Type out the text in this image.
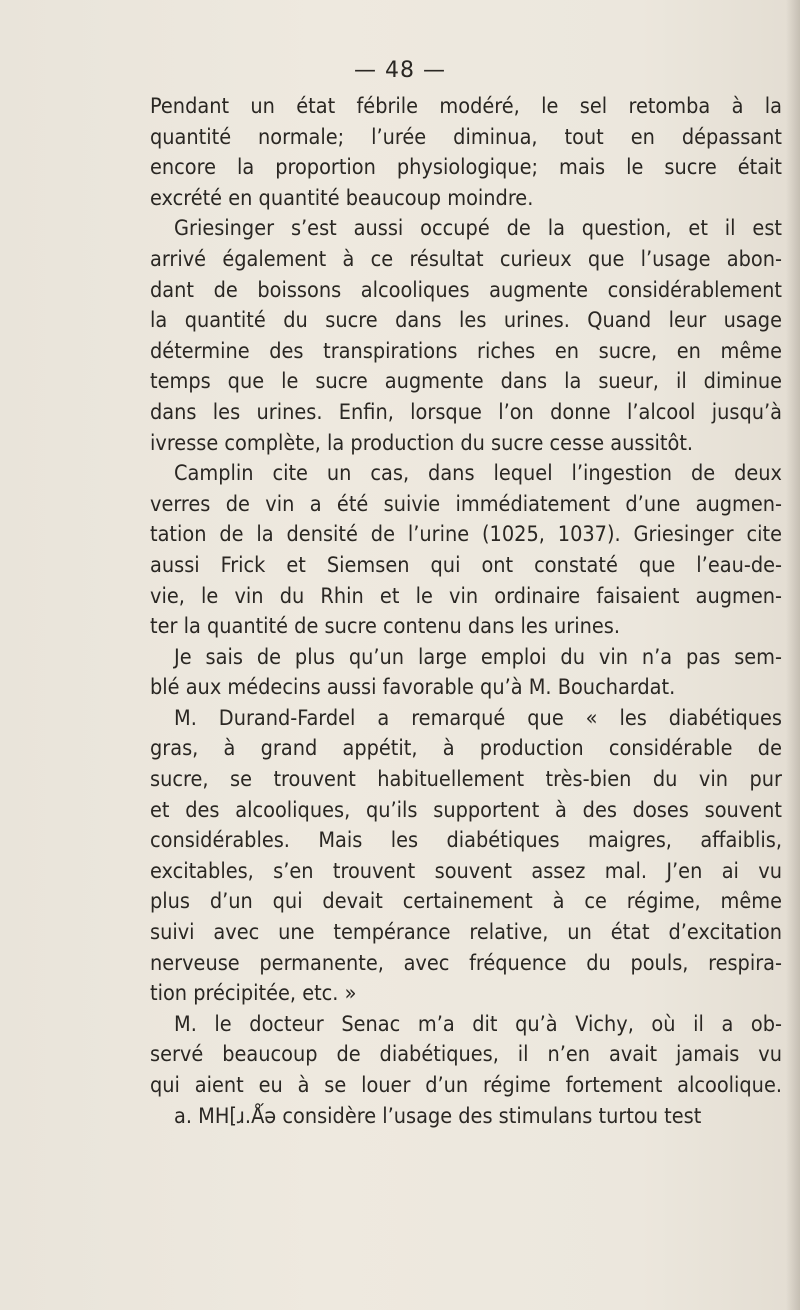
— 48 —
Pendant un état fébrile modéré, le sel retomba à la
quantité normale; l’urée diminua, tout en dépassant
encore la proportion physiologique; mais le sucre était
excrété en quantité beaucoup moindre.
Griesinger s’est aussi occupé de la question, et il est
arrivé également à ce résultat curieux que l’usage abon-
dant de boissons alcooliques augmente considérablement
la quantité du sucre dans les urines. Quand leur usage
détermine des transpirations riches en sucre, en même
temps que le sucre augmente dans la sueur, il diminue
dans les urines. Enfin, lorsque l’on donne l’alcool jusqu’à
ivresse complète, la production du sucre cesse aussitôt.
Camplin cite un cas, dans lequel l’ingestion de deux
verres de vin a été suivie immédiatement d’une augmen-
tation de la densité de l’urine (1025, 1037). Griesinger cite
aussi Frick et Siemsen qui ont constaté que l’eau-de-
vie, le vin du Rhin et le vin ordinaire faisaient augmen-
ter la quantité de sucre contenu dans les urines.
Je sais de plus qu’un large emploi du vin n’a pas sem-
blé aux médecins aussi favorable qu’à M. Bouchardat.
M. Durand-Fardel a remarqué que « les diabétiques
gras, à grand appétit, à production considérable de
sucre, se trouvent habituellement très-bien du vin pur
et des alcooliques, qu’ils supportent à des doses souvent
considérables. Mais les diabétiques maigres, affaiblis,
excitables, s’en trouvent souvent assez mal. J’en ai vu
plus d’un qui devait certainement à ce régime, même
suivi avec une tempérance relative, un état d’excitation
nerveuse permanente, avec fréquence du pouls, respira-
tion précipitée, etc. »
M. le docteur Senac m’a dit qu’à Vichy, où il a ob-
servé beaucoup de diabétiques, il n’en avait jamais vu
qui aient eu à se louer d’un régime fortement alcoolique.
a. MH[ɹ.Ǻə considère l’usage des stimulans turtou test
